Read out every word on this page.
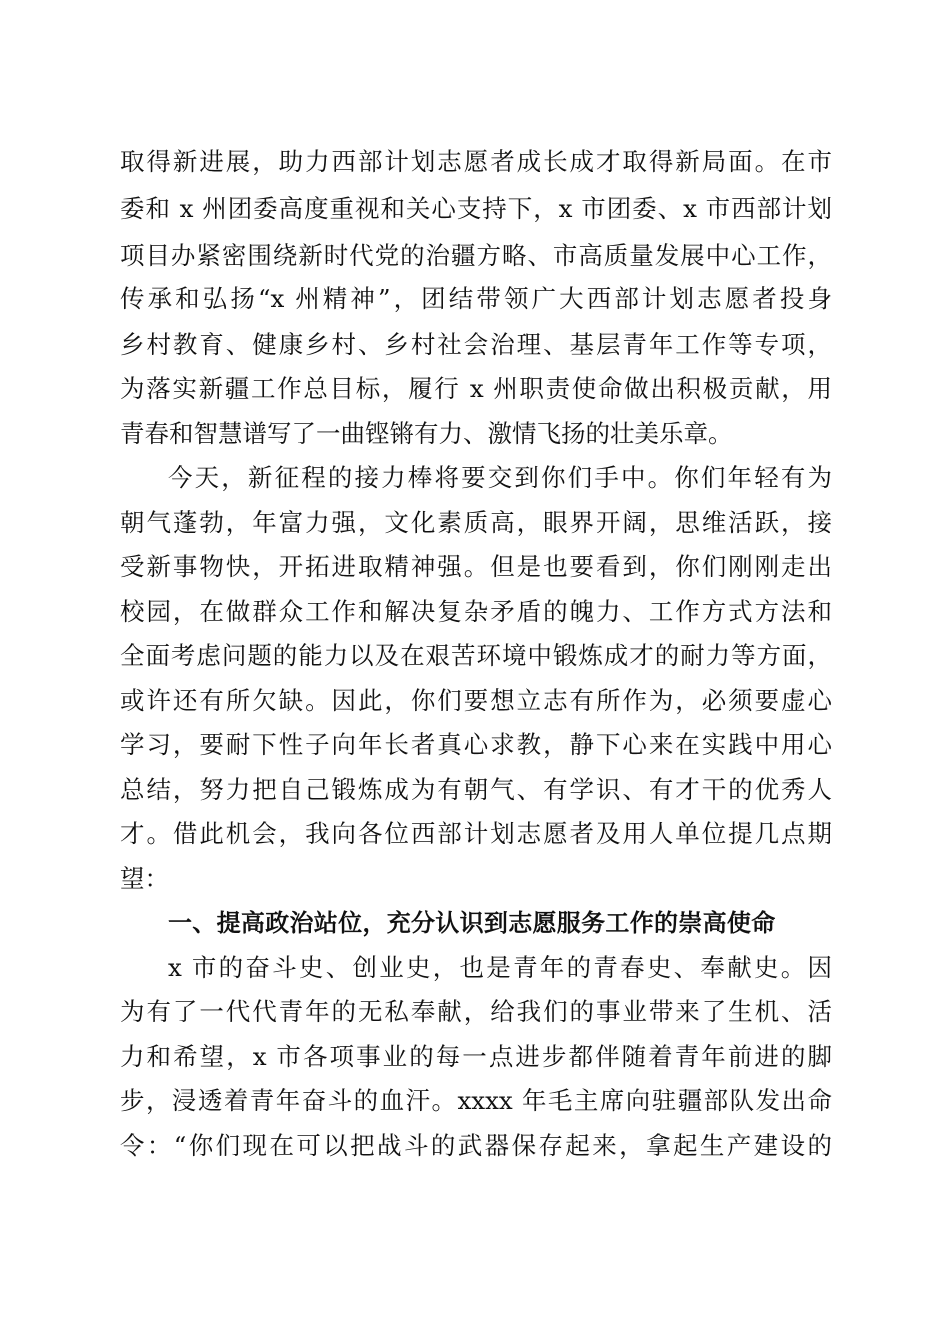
取得新进展，助力西部计划志愿者成长成才取得新局面。在市
委和 x 州团委高度重视和关心支持下，x 市团委、x 市西部计划
项目办紧密围绕新时代党的治疆方略、市高质量发展中心工作，
传承和弘扬“x 州精神”，团结带领广大西部计划志愿者投身
乡村教育、健康乡村、乡村社会治理、基层青年工作等专项，
为落实新疆工作总目标，履行 x 州职责使命做出积极贡献，用
青春和智慧谱写了一曲铿锵有力、激情飞扬的壮美乐章。
今天，新征程的接力棒将要交到你们手中。你们年轻有为
朝气蓬勃，年富力强，文化素质高，眼界开阔，思维活跃，接
受新事物快，开拓进取精神强。但是也要看到，你们刚刚走出
校园，在做群众工作和解决复杂矛盾的魄力、工作方式方法和
全面考虑问题的能力以及在艰苦环境中锻炼成才的耐力等方面，
或许还有所欠缺。因此，你们要想立志有所作为，必须要虚心
学习，要耐下性子向年长者真心求教，静下心来在实践中用心
总结，努力把自己锻炼成为有朝气、有学识、有才干的优秀人
才。借此机会，我向各位西部计划志愿者及用人单位提几点期
望：
一、提高政治站位，充分认识到志愿服务工作的崇高使命
x 市的奋斗史、创业史，也是青年的青春史、奉献史。因
为有了一代代青年的无私奉献，给我们的事业带来了生机、活
力和希望，x 市各项事业的每一点进步都伴随着青年前进的脚
步，浸透着青年奋斗的血汗。xxxx 年毛主席向驻疆部队发出命
令：“你们现在可以把战斗的武器保存起来，拿起生产建设的
